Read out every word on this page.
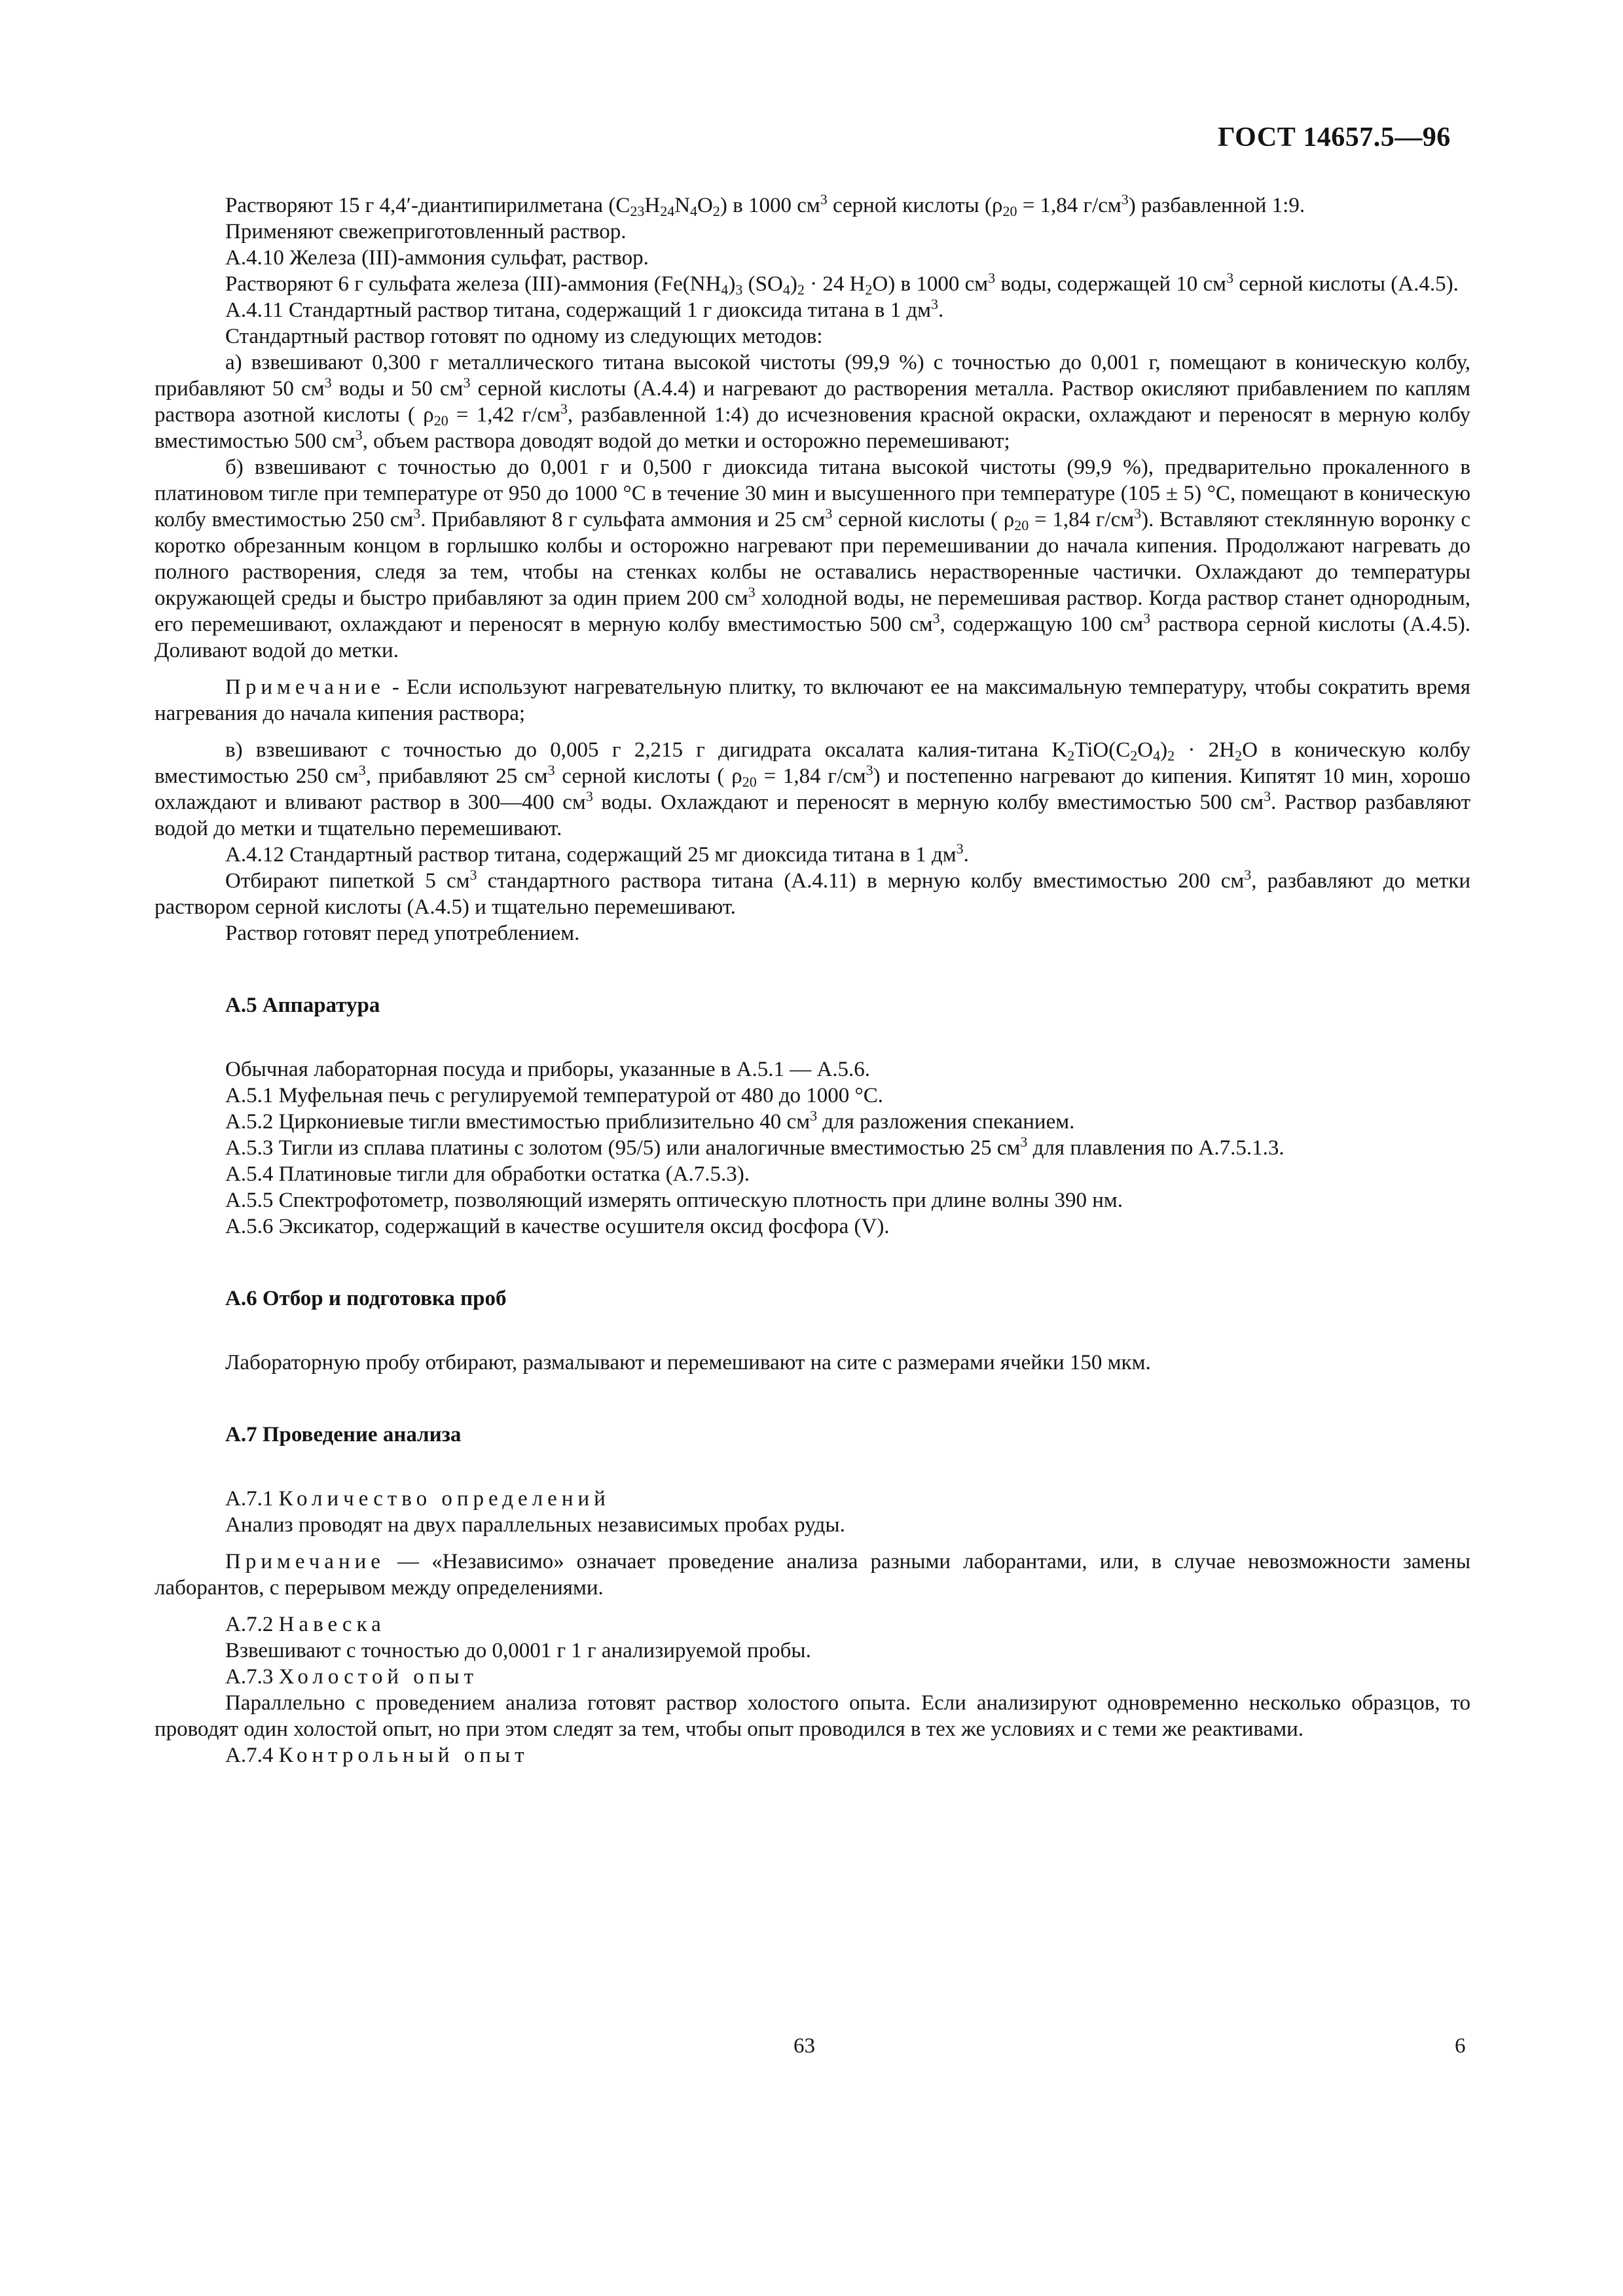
ГОСТ 14657.5—96

Растворяют 15 г 4,4′-диантипирилметана (C23H24N4O2) в 1000 $см^3$ серной кислоты (ρ20 = 1,84 $г/см^3$) разбавленной 1:9.

Применяют свежеприготовленный раствор.

А.4.10 Железа (III)-аммония сульфат, раствор.

Растворяют 6 г сульфата железа (III)-аммония (Fe(NH4)3 (SO4)2 · 24 H2O) в 1000 $см^3$ воды, содержащей 10 $см^3$ серной кислоты (А.4.5).

А.4.11 Стандартный раствор титана, содержащий 1 г диоксида титана в 1 $дм^3$.

Стандартный раствор готовят по одному из следующих методов:

а) взвешивают 0,300 г металлического титана высокой чистоты (99,9 %) с точностью до 0,001 г, помещают в коническую колбу, прибавляют 50 $см^3$ воды и 50 $см^3$ серной кислоты (А.4.4) и нагревают до растворения металла. Раствор окисляют прибавлением по каплям раствора азотной кислоты ( ρ20 = 1,42 $г/см^3$, разбавленной 1:4) до исчезновения красной окраски, охлаждают и переносят в мерную колбу вместимостью 500 $см^3$, объем раствора доводят водой до метки и осторожно перемешивают;

б) взвешивают с точностью до 0,001 г и 0,500 г диоксида титана высокой чистоты (99,9 %), предварительно прокаленного в платиновом тигле при температуре от 950 до 1000 °С в течение 30 мин и высушенного при температуре (105 ± 5) °С, помещают в коническую колбу вместимостью 250 $см^3$. Прибавляют 8 г сульфата аммония и 25 $см^3$ серной кислоты ( ρ20 = 1,84 $г/см^3$). Вставляют стеклянную воронку с коротко обрезанным концом в горлышко колбы и осторожно нагревают при перемешивании до начала кипения. Продолжают нагревать до полного растворения, следя за тем, чтобы на стенках колбы не оставались нерастворенные частички. Охлаждают до температуры окружающей среды и быстро прибавляют за один прием 200 $см^3$ холодной воды, не перемешивая раствор. Когда раствор станет однородным, его перемешивают, охлаждают и переносят в мерную колбу вместимостью 500 $см^3$, содержащую 100 $см^3$ раствора серной кислоты (А.4.5). Доливают водой до метки.

Примечание - Если используют нагревательную плитку, то включают ее на максимальную температуру, чтобы сократить время нагревания до начала кипения раствора;

в) взвешивают с точностью до 0,005 г 2,215 г дигидрата оксалата калия-титана K2TiO(C2O4)2 · 2H2O в коническую колбу вместимостью 250 $см^3$, прибавляют 25 $см^3$ серной кислоты ( ρ20 = 1,84 $г/см^3$) и постепенно нагревают до кипения. Кипятят 10 мин, хорошо охлаждают и вливают раствор в 300—400 $см^3$ воды. Охлаждают и переносят в мерную колбу вместимостью 500 $см^3$. Раствор разбавляют водой до метки и тщательно перемешивают.

А.4.12 Стандартный раствор титана, содержащий 25 мг диоксида титана в 1 $дм^3$.

Отбирают пипеткой 5 $см^3$ стандартного раствора титана (А.4.11) в мерную колбу вместимостью 200 $см^3$, разбавляют до метки раствором серной кислоты (А.4.5) и тщательно перемешивают.

Раствор готовят перед употреблением.

А.5 Аппаратура

Обычная лабораторная посуда и приборы, указанные в А.5.1 — А.5.6.

А.5.1 Муфельная печь с регулируемой температурой от 480 до 1000 °С.

А.5.2 Циркониевые тигли вместимостью приблизительно 40 $см^3$ для разложения спеканием.

А.5.3 Тигли из сплава платины с золотом (95/5) или аналогичные вместимостью 25 $см^3$ для плавления по А.7.5.1.3.

А.5.4 Платиновые тигли для обработки остатка (А.7.5.3).

А.5.5 Спектрофотометр, позволяющий измерять оптическую плотность при длине волны 390 нм.

А.5.6 Эксикатор, содержащий в качестве осушителя оксид фосфора (V).

А.6 Отбор и подготовка проб

Лабораторную пробу отбирают, размалывают и перемешивают на сите с размерами ячейки 150 мкм.

А.7 Проведение анализа

А.7.1 Количество определений

Анализ проводят на двух параллельных независимых пробах руды.

Примечание — «Независимо» означает проведение анализа разными лаборантами, или, в случае невозможности замены лаборантов, с перерывом между определениями.

А.7.2 Навеска

Взвешивают с точностью до 0,0001 г 1 г анализируемой пробы.

А.7.3 Холостой опыт

Параллельно с проведением анализа готовят раствор холостого опыта. Если анализируют одновременно несколько образцов, то проводят один холостой опыт, но при этом следят за тем, чтобы опыт проводился в тех же условиях и с теми же реактивами.

А.7.4 Контрольный опыт

63	6
